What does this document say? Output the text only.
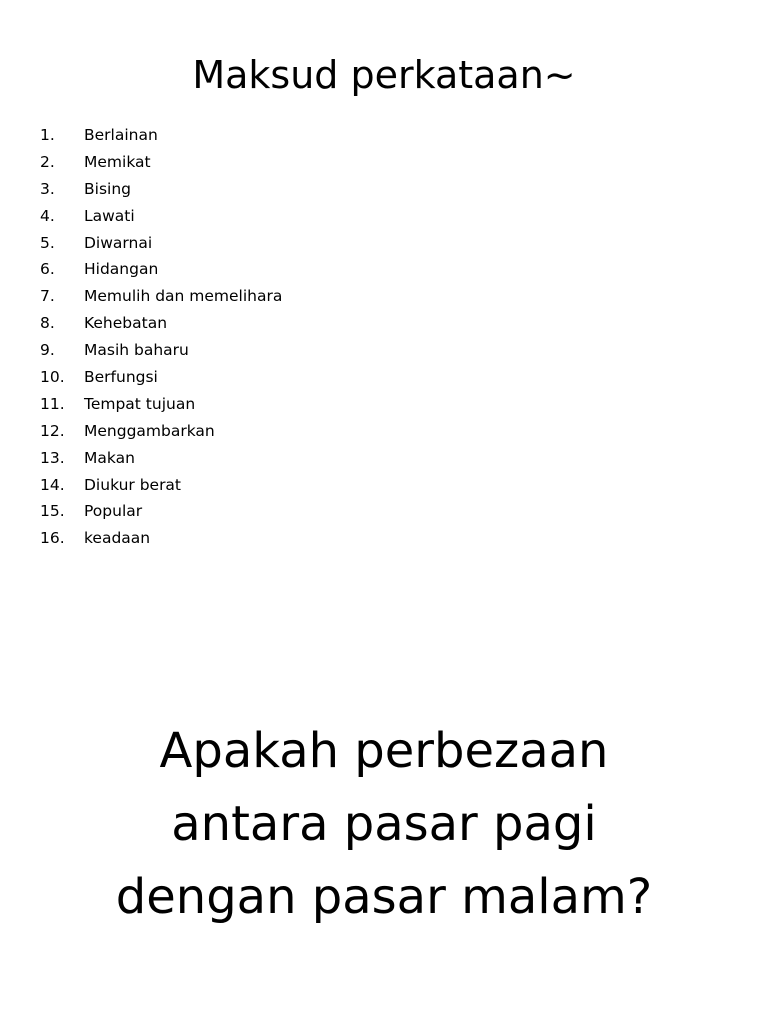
Maksud perkataan~
1. Berlainan
2. Memikat
3. Bising
4. Lawati
5. Diwarnai
6. Hidangan
7. Memulih dan memelihara
8. Kehebatan
9. Masih baharu
10. Berfungsi
11. Tempat tujuan
12. Menggambarkan
13. Makan
14. Diukur berat
15. Popular
16. keadaan
Apakah perbezaan
antara pasar pagi
dengan pasar malam?
